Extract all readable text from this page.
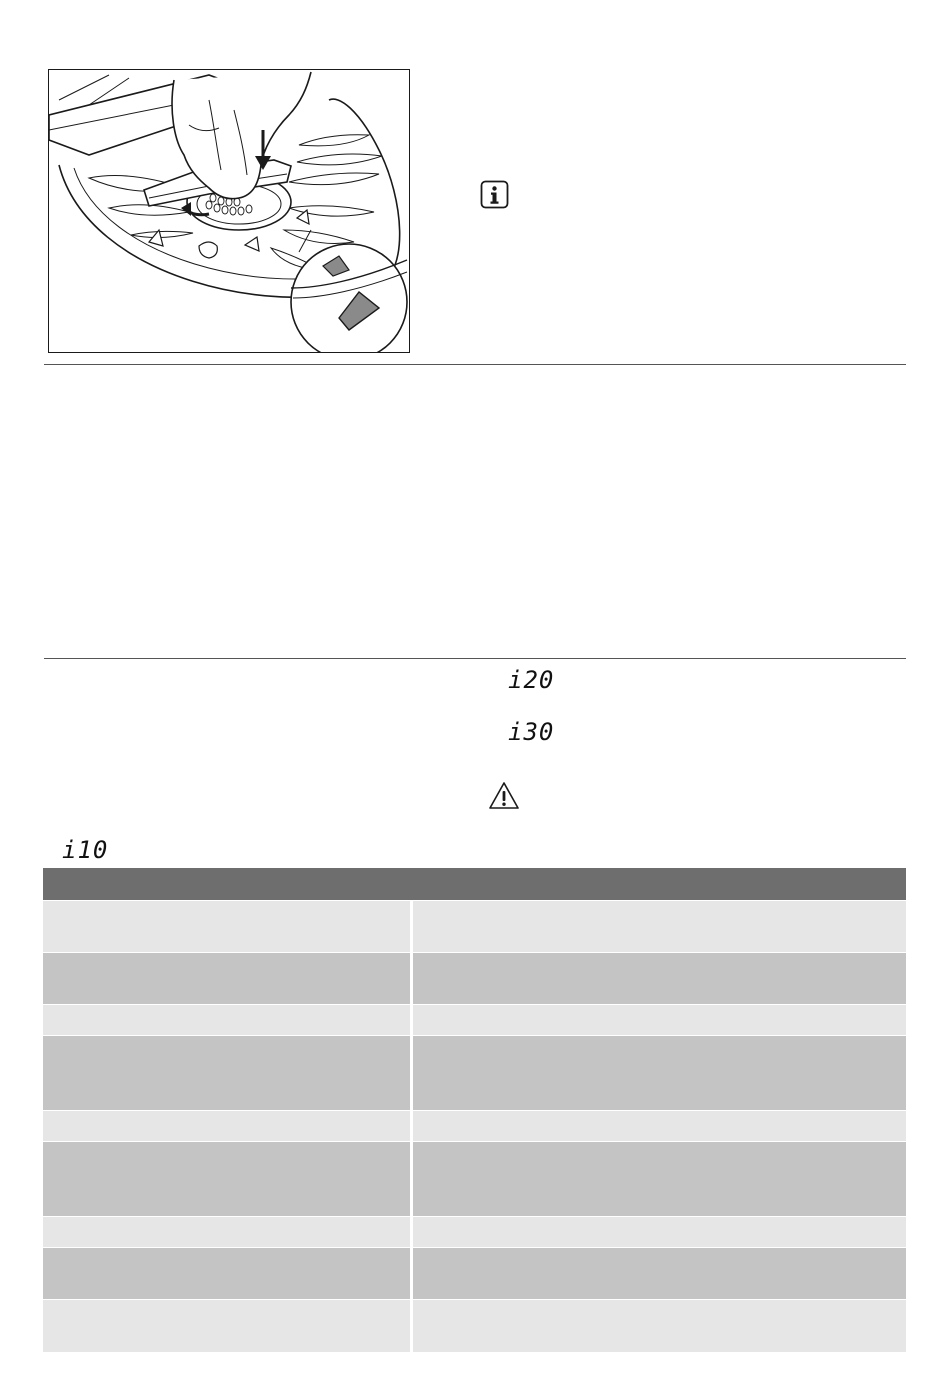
i20
i30
i10
